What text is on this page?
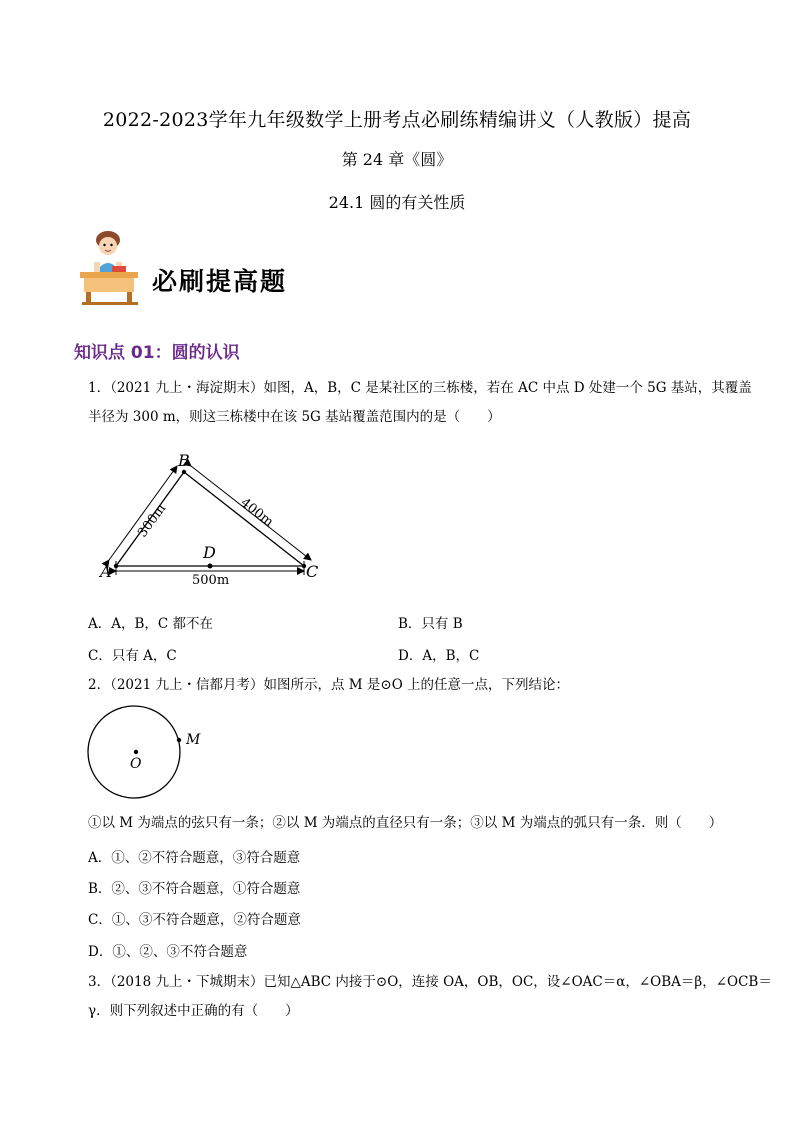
2022-2023学年九年级数学上册考点必刷练精编讲义（人教版）提高
第 24 章《圆》
24.1 圆的有关性质
必刷提高题
知识点 01：圆的认识
1．（2021 九上・海淀期末）如图，A，B，C 是某社区的三栋楼，若在 AC 中点 D 处建一个 5G 基站，其覆盖
半径为 300 m，则这三栋楼中在该 5G 基站覆盖范围内的是（　　）
B
A	C
D
300m	400m
500m
A．A，B，C 都不在	B．只有 B
C．只有 A，C	D．A，B，C
2．（2021 九上・信都月考）如图所示，点 M 是⊙O 上的任意一点，下列结论：
O
M
①以 M 为端点的弦只有一条；②以 M 为端点的直径只有一条；③以 M 为端点的弧只有一条．则（　　）
A．①、②不符合题意，③符合题意
B．②、③不符合题意，①符合题意
C．①、③不符合题意，②符合题意
D．①、②、③不符合题意
3．（2018 九上・下城期末）已知△ABC 内接于⊙O，连接 OA，OB，OC，设∠OAC＝α，∠OBA＝β，∠OCB＝
γ．则下列叙述中正确的有（　　）
